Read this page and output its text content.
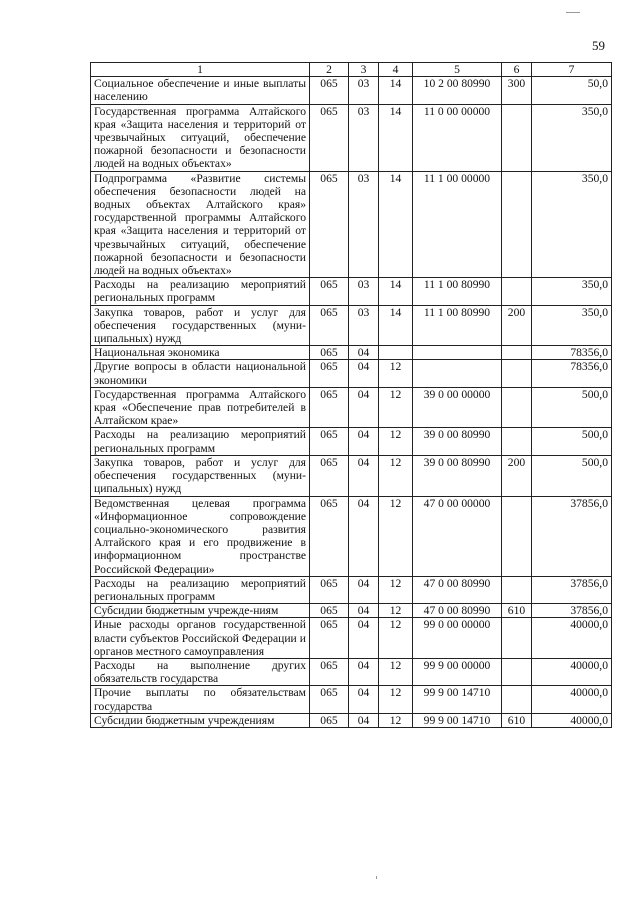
59
1	2	3	4	5	6	7
Социальное обеспечение и иные выплаты населению	065	03	14	10 2 00 80990	300	50,0
Государственная программа Алтайского края «Защита населения и территорий от чрезвычайных ситуаций, обеспечение пожарной безопасности и безопасности людей на водных объектах»	065	03	14	11 0 00 00000		350,0
Подпрограмма «Развитие системы обеспечения безопасности людей на водных объектах Алтайского края» государственной программы Алтайского края «Защита населения и территорий от чрезвычайных ситуаций, обеспечение пожарной безопасности и безопасности людей на водных объектах»	065	03	14	11 1 00 00000		350,0
Расходы на реализацию мероприятий региональных программ	065	03	14	11 1 00 80990		350,0
Закупка товаров, работ и услуг для обеспечения государственных (муниципальных) нужд	065	03	14	11 1 00 80990	200	350,0
Национальная экономика	065	04				78356,0
Другие вопросы в области национальной экономики	065	04	12			78356,0
Государственная программа Алтайского края «Обеспечение прав потребителей в Алтайском крае»	065	04	12	39 0 00 00000		500,0
Расходы на реализацию мероприятий региональных программ	065	04	12	39 0 00 80990		500,0
Закупка товаров, работ и услуг для обеспечения государственных (муниципальных) нужд	065	04	12	39 0 00 80990	200	500,0
Ведомственная целевая программа «Информационное сопровождение социально-экономического развития Алтайского края и его продвижение в информационном пространстве Российской Федерации»	065	04	12	47 0 00 00000		37856,0
Расходы на реализацию мероприятий региональных программ	065	04	12	47 0 00 80990		37856,0
Субсидии бюджетным учрежде-ниям	065	04	12	47 0 00 80990	610	37856,0
Иные расходы органов государственной власти субъектов Российской Федерации и органов местного самоуправления	065	04	12	99 0 00 00000		40000,0
Расходы на выполнение других обязательств государства	065	04	12	99 9 00 00000		40000,0
Прочие выплаты по обязательствам государства	065	04	12	99 9 00 14710		40000,0
Субсидии бюджетным учреждениям	065	04	12	99 9 00 14710	610	40000,0
